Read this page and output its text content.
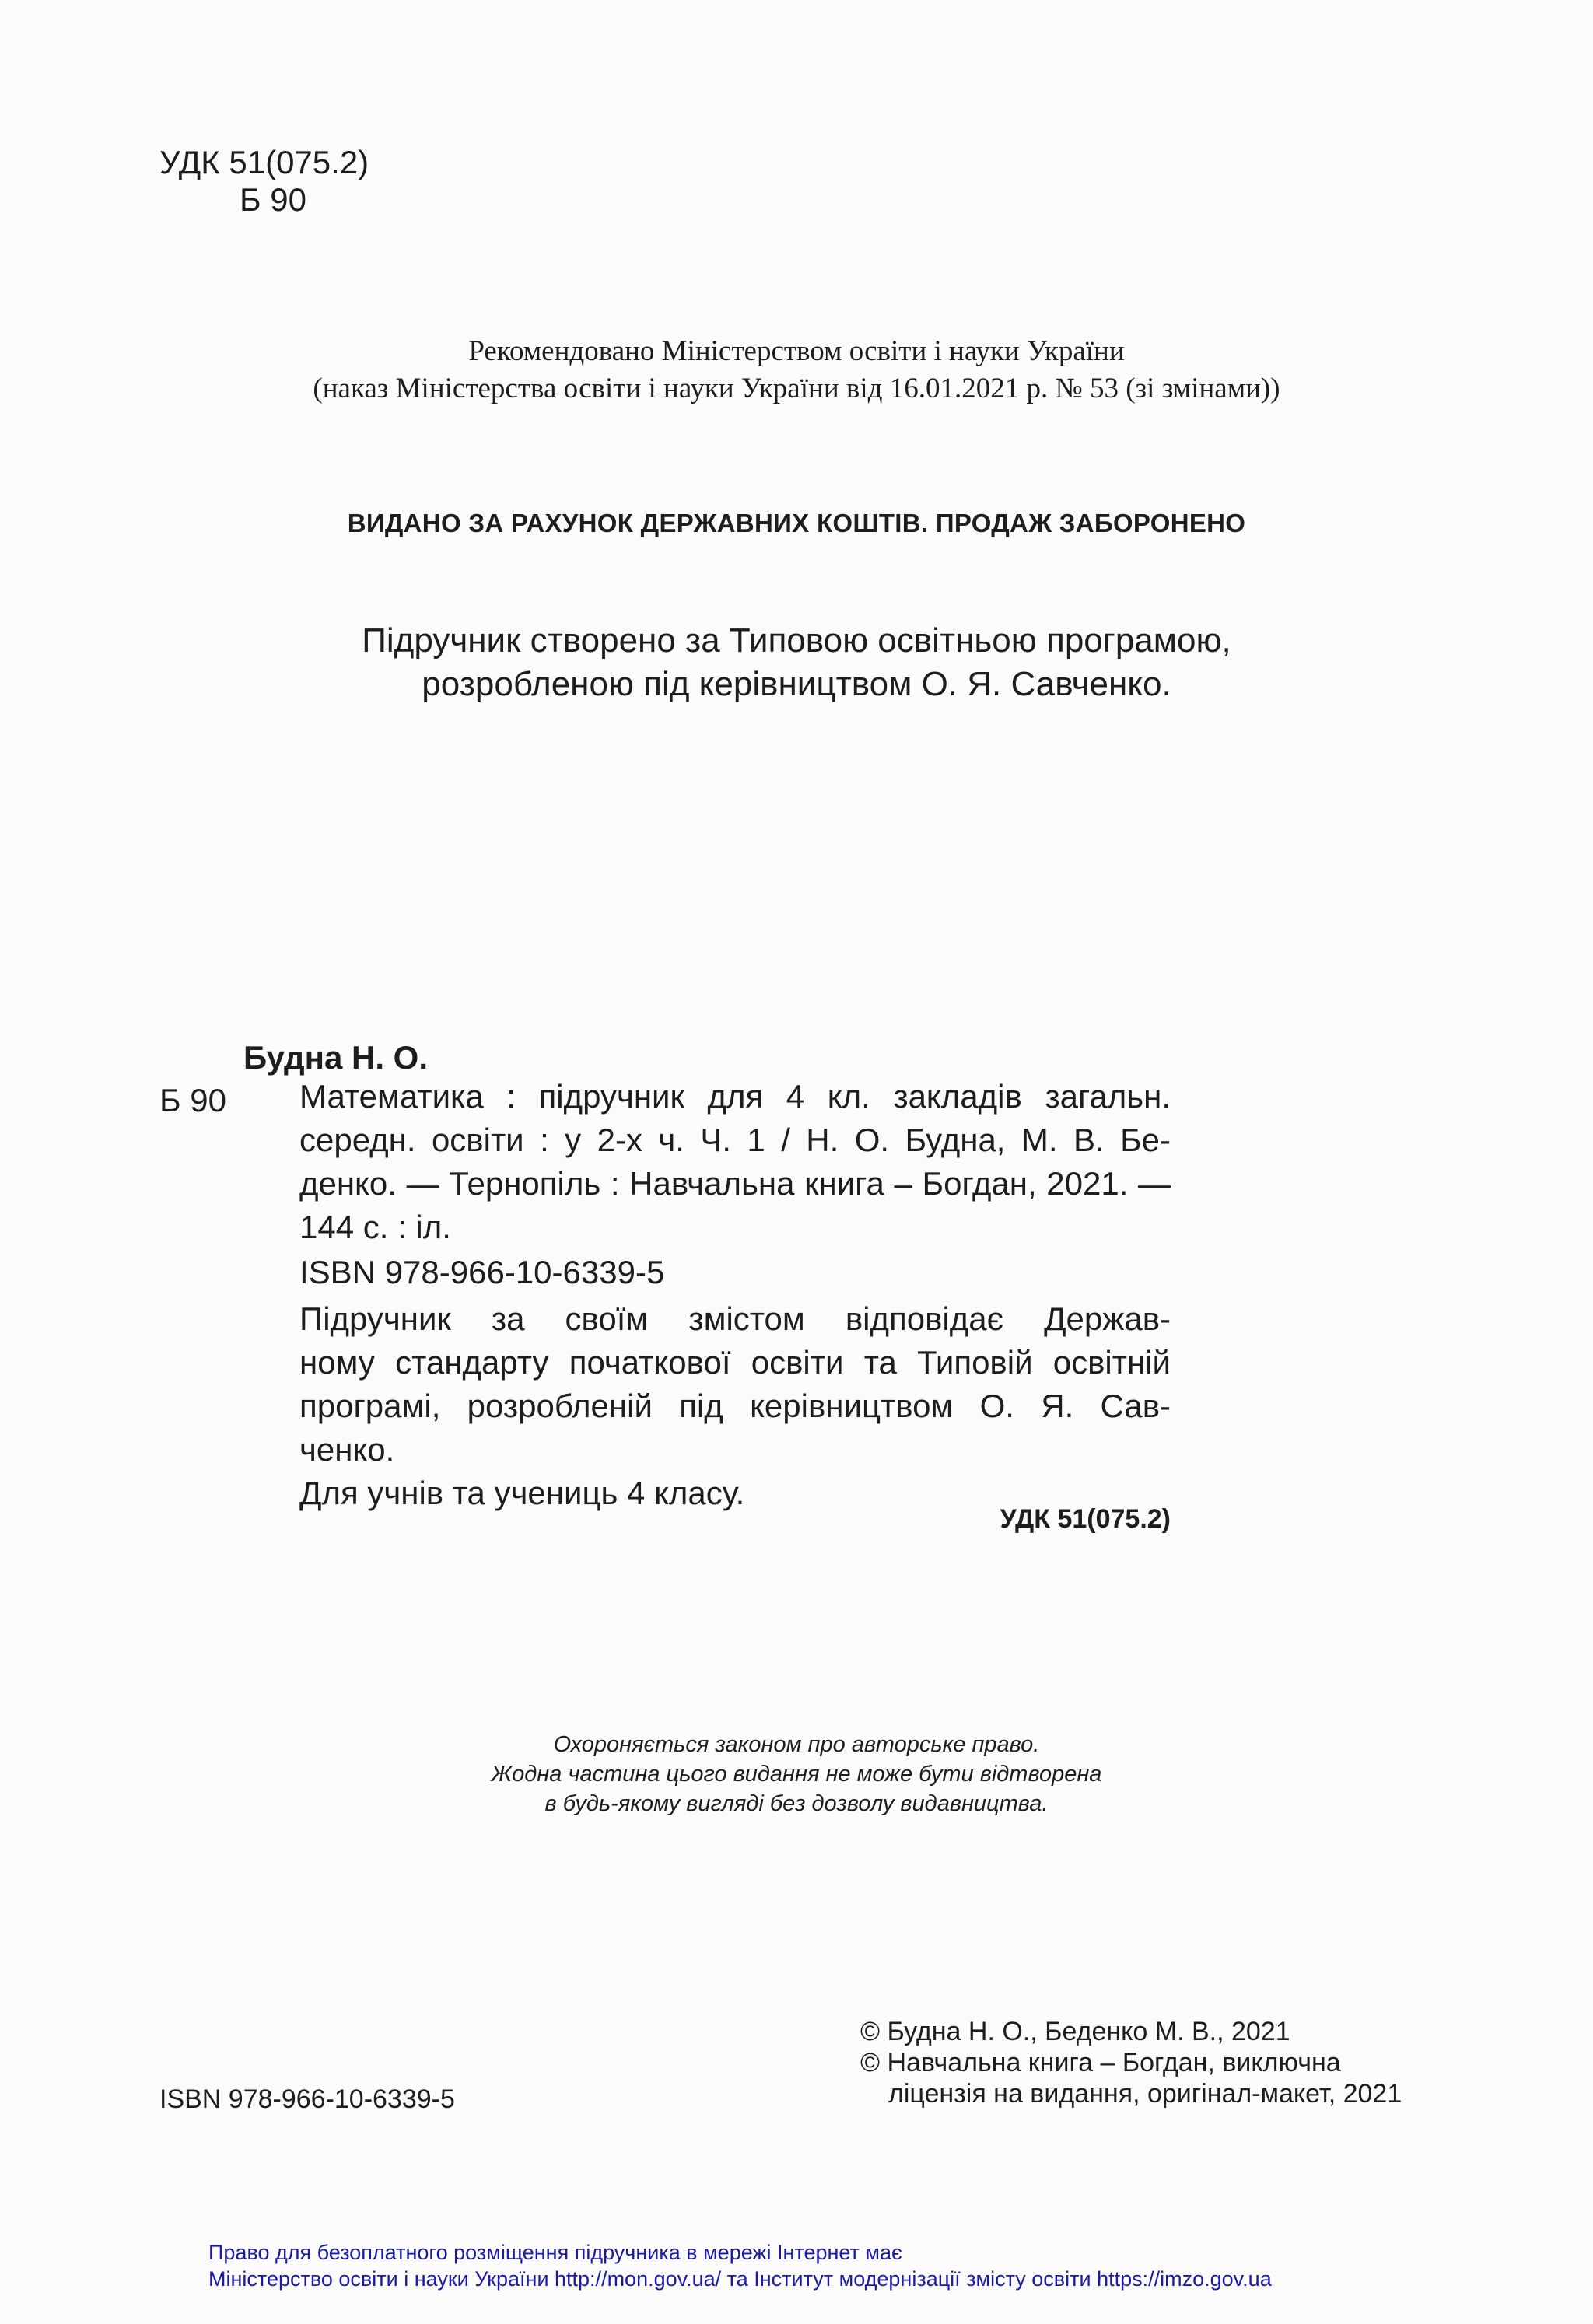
УДК 51(075.2)
Б 90
Рекомендовано Міністерством освіти і науки України
(наказ Міністерства освіти і науки України від 16.01.2021 р. № 53 (зі змінами))
ВИДАНО ЗА РАХУНОК ДЕРЖАВНИХ КОШТІВ. ПРОДАЖ ЗАБОРОНЕНО
Підручник створено за Типовою освітньою програмою,
розробленою під керівництвом О. Я. Савченко.
Будна Н. О.
Б 90 Математика : підручник для 4 кл. закладів загальн.
середн. освіти : у 2-х ч. Ч. 1 / Н. О. Будна, М. В. Бе-
денко. — Тернопіль : Навчальна книга – Богдан, 2021. —
144 с. : іл.
ISBN 978-966-10-6339-5
Підручник за своїм змістом відповідає Держав-
ному стандарту початкової освіти та Типовій освітній
програмі, розробленій під керівництвом О. Я. Сав-
ченко.
Для учнів та учениць 4 класу.
УДК 51(075.2)
Охороняється законом про авторське право.
Жодна частина цього видання не може бути відтворена
в будь-якому вигляді без дозволу видавництва.
© Будна Н. О., Беденко М. В., 2021
© Навчальна книга – Богдан, виключна
ліцензія на видання, оригінал-макет, 2021
ISBN 978-966-10-6339-5
Право для безоплатного розміщення підручника в мережі Інтернет має
Міністерство освіти і науки України http://mon.gov.ua/ та Інститут модернізації змісту освіти https://imzo.gov.ua
